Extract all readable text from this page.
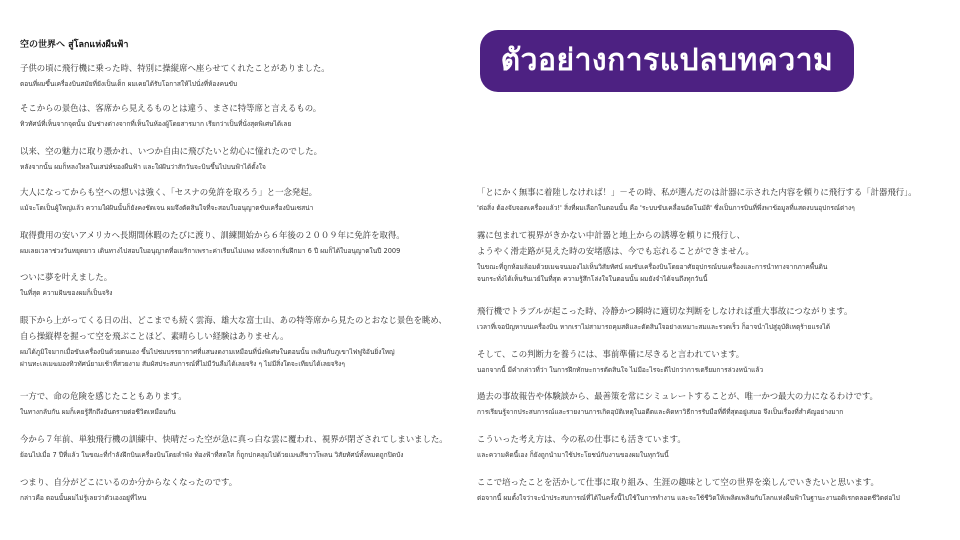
ตัวอย่างการแปลบทความ
空の世界へ สู่โลกแห่งผืนฟ้า
子供の頃に飛行機に乗った時、特別に操縦席へ座らせてくれたことがありました。
ตอนที่ผมขึ้นเครื่องบินสมัยที่ยังเป็นเด็ก ผมเคยได้รับโอกาสให้ไปนั่งที่ห้องคนขับ
そこからの景色は、客席から見えるものとは違う、まさに特等席と言えるもの。
ทิวทัศน์ที่เห็นจากจุดนั้น มันช่างต่างจากที่เห็นในห้องผู้โดยสารมาก เรียกว่าเป็นที่นั่งสุดพิเศษได้เลย
以来、空の魅力に取り憑かれ、いつか自由に飛びたいと幼心に憧れたのでした。
หลังจากนั้น ผมก็หลงใหลในเสน่ห์ของผืนฟ้า และใฝ่ฝันว่าสักวันจะบินขึ้นไปบนฟ้าได้ตั้งใจ
大人になってからも空への想いは強く、「セスナの免許を取ろう」と一念発起。
แม้จะโตเป็นผู้ใหญ่แล้ว ความใฝ่ฝันนั้นก็ยังคงชัดเจน ผมจึงตัดสินใจที่จะสอบใบอนุญาตขับเครื่องบินเซสน่า
取得費用の安いアメリカへ長期間休暇のたびに渡り、訓練開始から６年後の２００９年に免許を取得。
ผมเลยเวลาช่วงวันหยุดยาว เดินทางไปสอบใบอนุญาตที่อเมริกาเพราะค่าเรียนไม่แพง หลังจากเริ่มฝึกมา 6 ปี ผมก็ได้ใบอนุญาตในปี 2009
ついに夢を叶えました。
ในที่สุด ความฝันของผมก็เป็นจริง
眼下から上がってくる日の出、どこまでも続く雲海、雄大な富士山、あの特等席から見たのとおなじ景色を眺め、
自ら操縦桿を握って空を飛ぶことほど、素晴らしい経験はありません。
ผมได้ภูมิใจมากเมื่อขับเครื่องบินด้วยตนเอง ขึ้นไปชมบรรยากาศที่แสนงดงามเหมือนที่นั่งพิเศษในตอนนั้น เพลินกับภูเขาไฟฟูจิอันยิ่งใหญ่
ผ่านทะเลเมฆมองทิวทัศน์ยามเช้าที่สวยงาม สัมผัสประสบการณ์ที่ไม่มีวันลืมได้เลยจริง ๆ ไม่มีสิ่งใดจะเทียบได้เลยจริงๆ
一方で、命の危険を感じたこともあります。
ในทางกลับกัน ผมก็เคยรู้สึกถึงอันตรายต่อชีวิตเหมือนกัน
今から７年前、単独飛行機の訓練中、快晴だった空が急に真っ白な雲に覆われ、視界が閉ざされてしまいました。
ย้อนไปเมื่อ 7 ปีที่แล้ว ในขณะที่กำลังฝึกบินเครื่องบินโดยลำพัง ท้องฟ้าที่สดใส ก็ถูกปกคลุมไปด้วยเมฆสีขาวโพลน วิสัยทัศน์ทั้งหมดถูกปิดบัง
つまり、自分がどこにいるのか分からなくなったのです。
กล่าวคือ ตอนนั้นผมไม่รู้เลยว่าตัวเองอยู่ที่ไหน
「とにかく無事に着陸しなければ！」－その時、私が選んだのは計器に示された内容を頼りに飛行する「計器飛行」。
'ต่อสิ่ง ต้องจับจอดเครื่องแล้ว!' สิ่งที่ผมเลือกในตอนนั้น คือ 'ระบบขับเคลื่อนอัตโนมัติ' ซึ่งเป็นการบินที่พึ่งพาข้อมูลที่แสดงบนอุปกรณ์ต่างๆ
霧に包まれて視界がきかない中計器と地上からの誘導を頼りに飛行し、
ようやく滑走路が見えた時の安堵感は、今でも忘れることができません。
ในขณะที่ถูกห้อมล้อมด้วยเมฆจนมองไม่เห็นวิสัยทัศน์ ผมขับเครื่องบินโดยอาศัยอุปกรณ์บนเครื่องและการนำทางจากภาคพื้นดิน
จนกระทั่งได้เห็นรันเวย์ในที่สุด ความรู้สึกโล่งใจในตอนนั้น ผมยังจำได้จนถึงทุกวันนี้
飛行機でトラブルが起こった時、冷静かつ瞬時に適切な判断をしなければ重大事故につながります。
เวลาที่เจอปัญหาบนเครื่องบิน หากเราไม่สามารถคุมสติและตัดสินใจอย่างเหมาะสมและรวดเร็ว ก็อาจนำไปสู่อุบัติเหตุร้ายแรงได้
そして、この判断力を養うには、事前準備に尽きると言われています。
นอกจากนี้ มีคำกล่าวที่ว่า ในการฝึกทักษะการตัดสินใจ ไม่มีอะไรจะดีไปกว่าการเตรียมการล่วงหน้าแล้ว
過去の事故報告や体験談から、最善策を常にシミュレートすることが、唯一かつ最大の力になるわけです。
การเรียนรู้จากประสบการณ์และรายงานการเกิดอุบัติเหตุในอดีตและคิดหาวิธีการรับมือที่ดีที่สุดอยู่เสมอ จึงเป็นเรื่องที่สำคัญอย่างมาก
こういった考え方は、今の私の仕事にも活きています。
และความคิดนี้เอง ก็ยังถูกนำมาใช้ประโยชน์กับงานของผมในทุกวันนี้
ここで培ったことを活かして仕事に取り組み、生涯の趣味として空の世界を楽しんでいきたいと思います。
ต่อจากนี้ ผมตั้งใจว่าจะนำประสบการณ์ที่ได้ในครั้งนี้ไปใช้ในการทำงาน และจะใช้ชีวิตให้เพลิดเพลินกับโลกแห่งผืนฟ้าในฐานะงานอดิเรกตลอดชีวิตต่อไป
